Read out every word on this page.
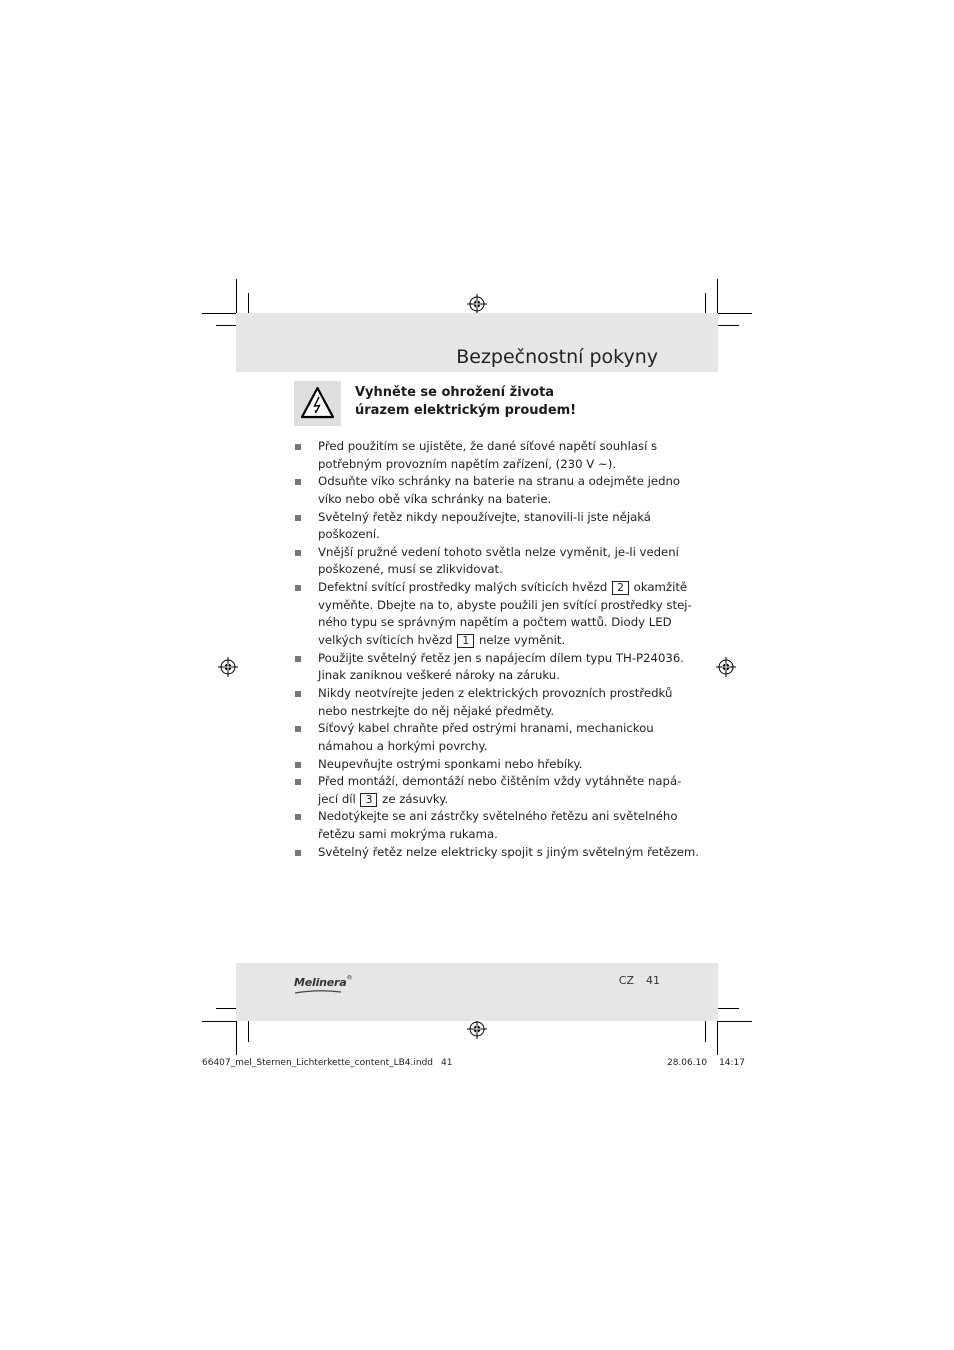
Bezpečnostní pokyny
Vyhněte se ohrožení života
úrazem elektrickým proudem!
Před použitím se ujistěte, že dané síťové napětí souhlasí s
potřebným provozním napětím zařízení, (230 V ~).
Odsuňte víko schránky na baterie na stranu a odejměte jedno
víko nebo obě víka schránky na baterie.
Světelný řetěz nikdy nepoužívejte, stanovili-li jste nějaká
poškození.
Vnější pružné vedení tohoto světla nelze vyměnit, je-li vedení
poškozené, musí se zlikvidovat.
Defektní svítící prostředky malých svíticích hvězd 2 okamžitě
vyměňte. Dbejte na to, abyste použili jen svítící prostředky stej-
ného typu se správným napětím a počtem wattů. Diody LED
velkých svíticích hvězd 1 nelze vyměnit.
Použijte světelný řetěz jen s napájecím dílem typu TH-P24036.
Jinak zaniknou veškeré nároky na záruku.
Nikdy neotvírejte jeden z elektrických provozních prostředků
nebo nestrkejte do něj nějaké předměty.
Síťový kabel chraňte před ostrými hranami, mechanickou
námahou a horkými povrchy.
Neupevňujte ostrými sponkami nebo hřebíky.
Před montáží, demontáží nebo čištěním vždy vytáhněte napá-
jecí díl 3 ze zásuvky.
Nedotýkejte se ani zástrčky světelného řetězu ani světelného
řetězu sami mokrýma rukama.
Světelný řetěz nelze elektricky spojit s jiným světelným řetězem.
Melinera®	CZ 41
66407_mel_Sternen_Lichterkette_content_LB4.indd 41	28.06.10 14:17
